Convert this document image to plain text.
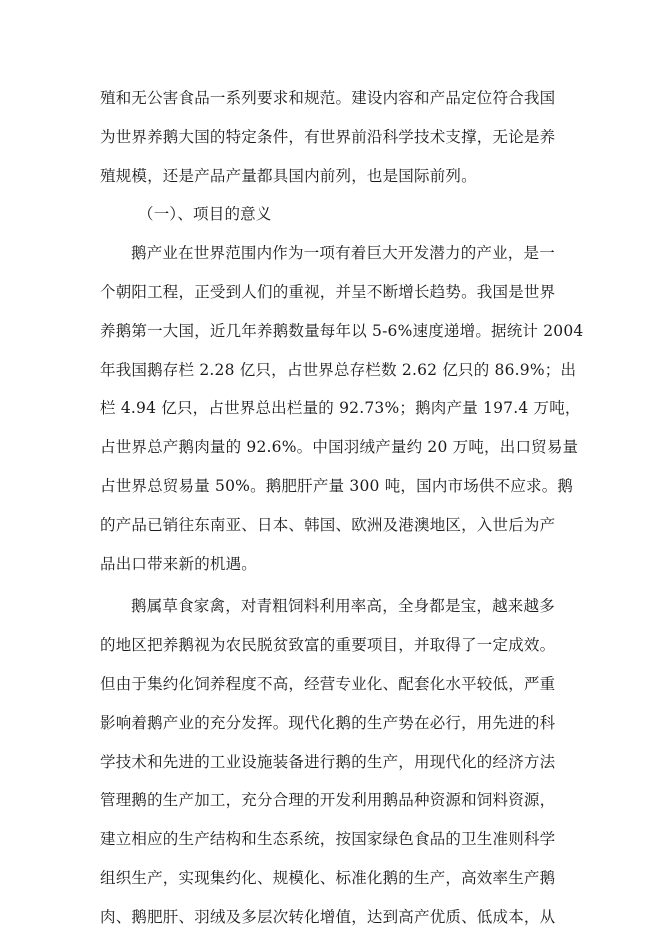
殖和无公害食品一系列要求和规范。建设内容和产品定位符合我国
为世界养鹅大国的特定条件，有世界前沿科学技术支撑，无论是养
殖规模，还是产品产量都具国内前列，也是国际前列。
（一）、项目的意义
鹅产业在世界范围内作为一项有着巨大开发潜力的产业，是一
个朝阳工程，正受到人们的重视，并呈不断增长趋势。我国是世界
养鹅第一大国，近几年养鹅数量每年以 5-6%速度递增。据统计 2004
年我国鹅存栏 2.28 亿只，占世界总存栏数 2.62 亿只的 86.9%；出
栏 4.94 亿只，占世界总出栏量的 92.73%；鹅肉产量 197.4 万吨，
占世界总产鹅肉量的 92.6%。中国羽绒产量约 20 万吨，出口贸易量
占世界总贸易量 50%。鹅肥肝产量 300 吨，国内市场供不应求。鹅
的产品已销往东南亚、日本、韩国、欧洲及港澳地区，入世后为产
品出口带来新的机遇。
鹅属草食家禽，对青粗饲料利用率高，全身都是宝，越来越多
的地区把养鹅视为农民脱贫致富的重要项目，并取得了一定成效。
但由于集约化饲养程度不高，经营专业化、配套化水平较低，严重
影响着鹅产业的充分发挥。现代化鹅的生产势在必行，用先进的科
学技术和先进的工业设施装备进行鹅的生产，用现代化的经济方法
管理鹅的生产加工，充分合理的开发利用鹅品种资源和饲料资源，
建立相应的生产结构和生态系统，按国家绿色食品的卫生准则科学
组织生产，实现集约化、规模化、标准化鹅的生产，高效率生产鹅
肉、鹅肥肝、羽绒及多层次转化增值，达到高产优质、低成本，从
